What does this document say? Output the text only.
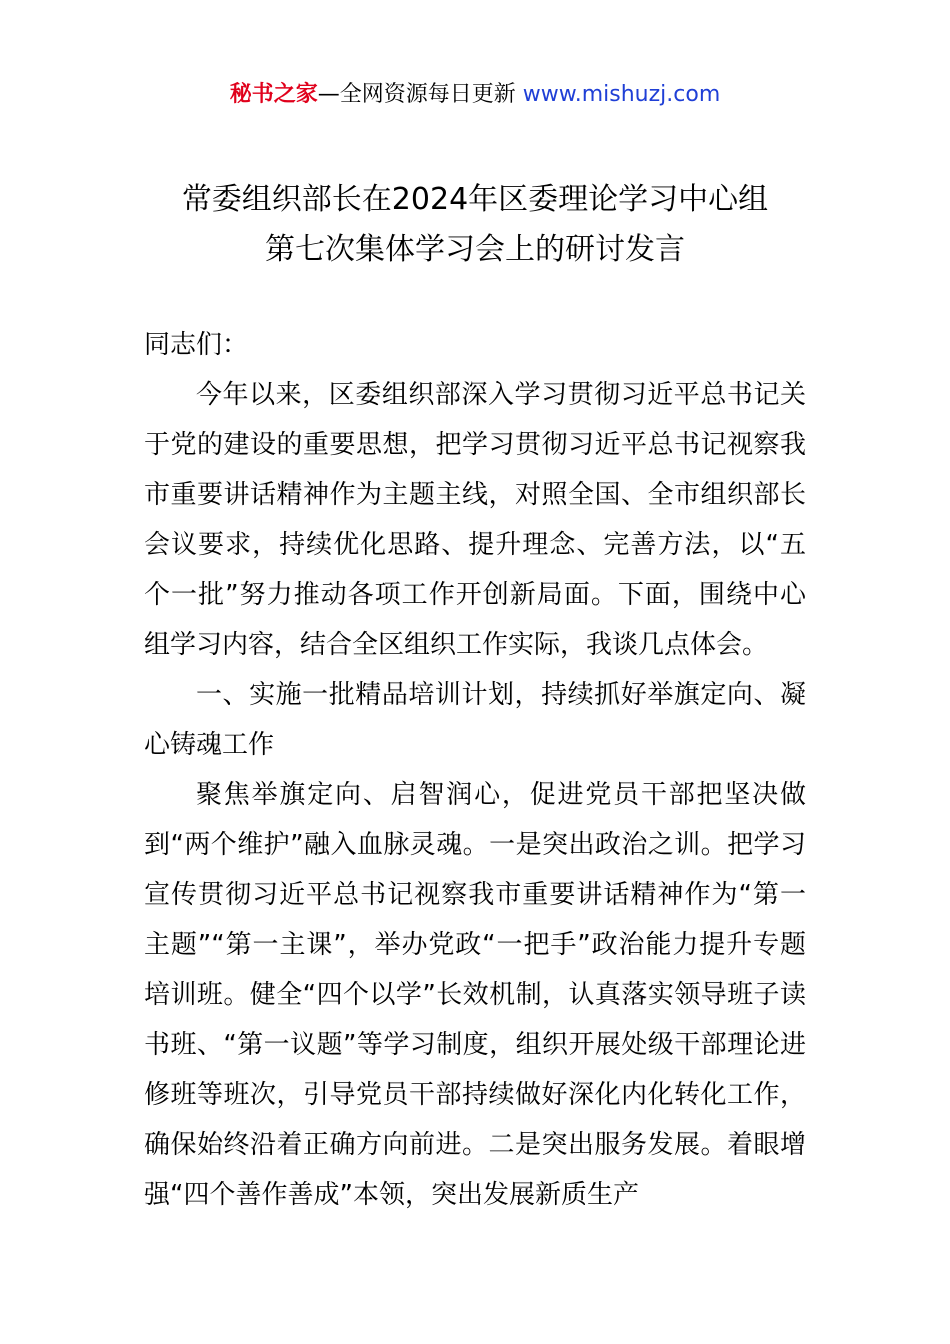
秘书之家—全网资源每日更新 www.mishuzj.com
常委组织部长在2024年区委理论学习中心组
第七次集体学习会上的研讨发言

同志们：

今年以来，区委组织部深入学习贯彻习近平总书记关于党的建设的重要思想，把学习贯彻习近平总书记视察我市重要讲话精神作为主题主线，对照全国、全市组织部长会议要求，持续优化思路、提升理念、完善方法，以“五个一批”努力推动各项工作开创新局面。下面，围绕中心组学习内容，结合全区组织工作实际，我谈几点体会。

一、实施一批精品培训计划，持续抓好举旗定向、凝心铸魂工作

聚焦举旗定向、启智润心，促进党员干部把坚决做到“两个维护”融入血脉灵魂。一是突出政治之训。把学习宣传贯彻习近平总书记视察我市重要讲话精神作为“第一主题”“第一主课”，举办党政“一把手”政治能力提升专题培训班。健全“四个以学”长效机制，认真落实领导班子读书班、“第一议题”等学习制度，组织开展处级干部理论进修班等班次，引导党员干部持续做好深化内化转化工作，确保始终沿着正确方向前进。二是突出服务发展。着眼增强“四个善作善成”本领，突出发展新质生产
